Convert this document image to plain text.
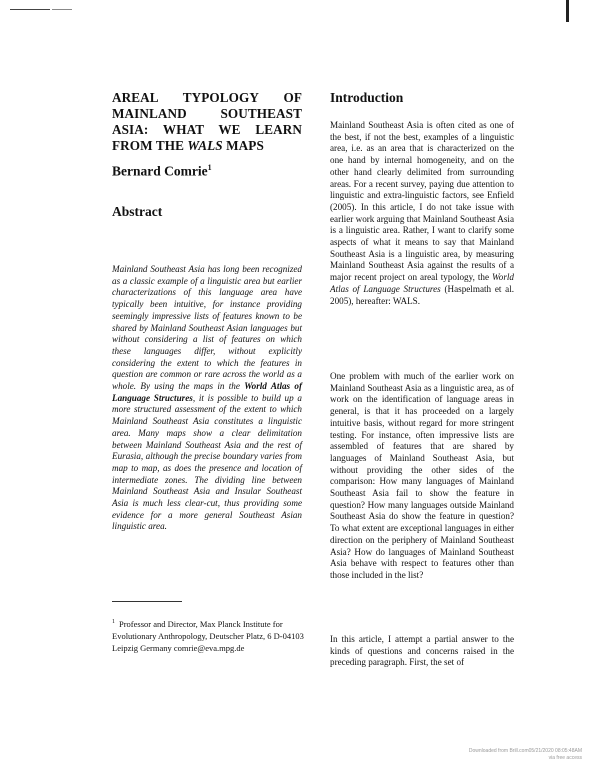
AREAL TYPOLOGY OF MAINLAND SOUTHEAST ASIA: WHAT WE LEARN FROM THE WALS MAPS
Bernard Comrie$^1$
Abstract

Mainland Southeast Asia has long been recognized as a classic example of a linguistic area but earlier characterizations of this language area have typically been intuitive, for instance providing seemingly impressive lists of features known to be shared by Mainland Southeast Asian languages but without considering a list of features on which these languages differ, without explicitly considering the extent to which the features in question are common or rare across the world as a whole. By using the maps in the World Atlas of Language Structures, it is possible to build up a more structured assessment of the extent to which Mainland Southeast Asia constitutes a linguistic area. Many maps show a clear delimitation between Mainland Southeast Asia and the rest of Eurasia, although the precise boundary varies from map to map, as does the presence and location of intermediate zones. The dividing line between Mainland Southeast Asia and Insular Southeast Asia is much less clear-cut, thus providing some evidence for a more general Southeast Asian linguistic area.

$^1$ Professor and Director, Max Planck Institute for Evolutionary Anthropology, Deutscher Platz, 6 D-04103 Leipzig Germany comrie@eva.mpg.de

Introduction

Mainland Southeast Asia is often cited as one of the best, if not the best, examples of a linguistic area, i.e. as an area that is characterized on the one hand by internal homogeneity, and on the other hand clearly delimited from surrounding areas. For a recent survey, paying due attention to linguistic and extra-linguistic factors, see Enfield (2005). In this article, I do not take issue with earlier work arguing that Mainland Southeast Asia is a linguistic area. Rather, I want to clarify some aspects of what it means to say that Mainland Southeast Asia is a linguistic area, by measuring Mainland Southeast Asia against the results of a major recent project on areal typology, the World Atlas of Language Structures (Haspelmath et al. 2005), hereafter: WALS.

One problem with much of the earlier work on Mainland Southeast Asia as a linguistic area, as of work on the identification of language areas in general, is that it has proceeded on a largely intuitive basis, without regard for more stringent testing. For instance, often impressive lists are assembled of features that are shared by languages of Mainland Southeast Asia, but without providing the other sides of the comparison: How many languages of Mainland Southeast Asia fail to show the feature in question? How many languages outside Mainland Southeast Asia do show the feature in question? To what extent are exceptional languages in either direction on the periphery of Mainland Southeast Asia? How do languages of Mainland Southeast Asia behave with respect to features other than those included in the list?

In this article, I attempt a partial answer to the kinds of questions and concerns raised in the preceding paragraph. First, the set of

Downloaded from Brill.com05/21/2020 08:05:48AM
via free access
